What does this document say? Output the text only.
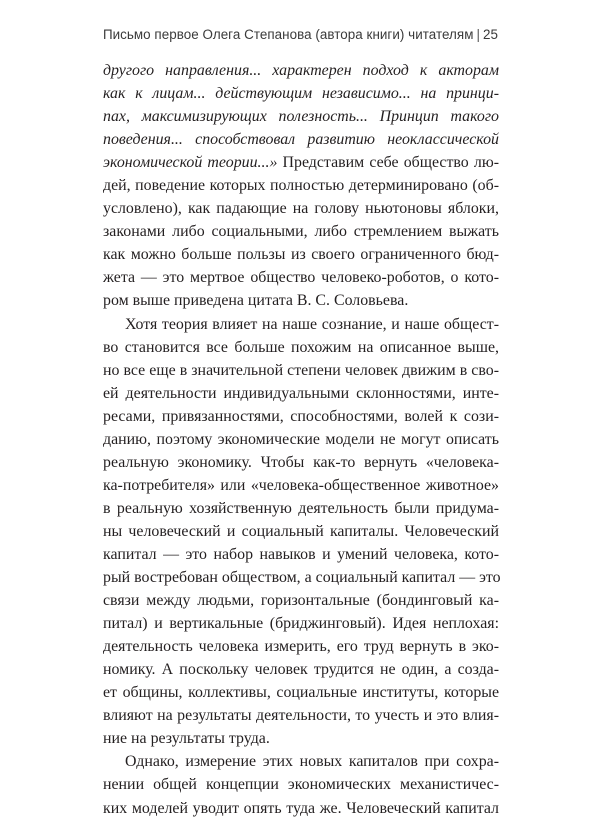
Письмо первое Олега Степанова (автора книги) читателям | 25
другого направления... характерен подход к акторам
как к лицам... действующим независимо... на принци-
пах, максимизирующих полезность... Принцип такого
поведения... способствовал развитию неоклассической
экономической теории...» Представим себе общество лю-
дей, поведение которых полностью детерминировано (об-
условлено), как падающие на голову ньютоновы яблоки,
законами либо социальными, либо стремлением выжать
как можно больше пользы из своего ограниченного бюд-
жета — это мертвое общество человеко-роботов, о кото-
ром выше приведена цитата В. С. Соловьева.
Хотя теория влияет на наше сознание, и наше общест-
во становится все больше похожим на описанное выше,
но все еще в значительной степени человек движим в сво-
ей деятельности индивидуальными склонностями, инте-
ресами, привязанностями, способностями, волей к сози-
данию, поэтому экономические модели не могут описать
реальную экономику. Чтобы как-то вернуть «человека-
ка-потребителя» или «человека-общественное животное»
в реальную хозяйственную деятельность были придума-
ны человеческий и социальный капиталы. Человеческий
капитал — это набор навыков и умений человека, кото-
рый востребован обществом, а социальный капитал — это
связи между людьми, горизонтальные (бондинговый ка-
питал) и вертикальные (бриджинговый). Идея неплохая:
деятельность человека измерить, его труд вернуть в эко-
номику. А поскольку человек трудится не один, а созда-
ет общины, коллективы, социальные институты, которые
влияют на результаты деятельности, то учесть и это влия-
ние на результаты труда.
Однако, измерение этих новых капиталов при сохра-
нении общей концепции экономических механистичес-
ких моделей уводит опять туда же. Человеческий капитал
